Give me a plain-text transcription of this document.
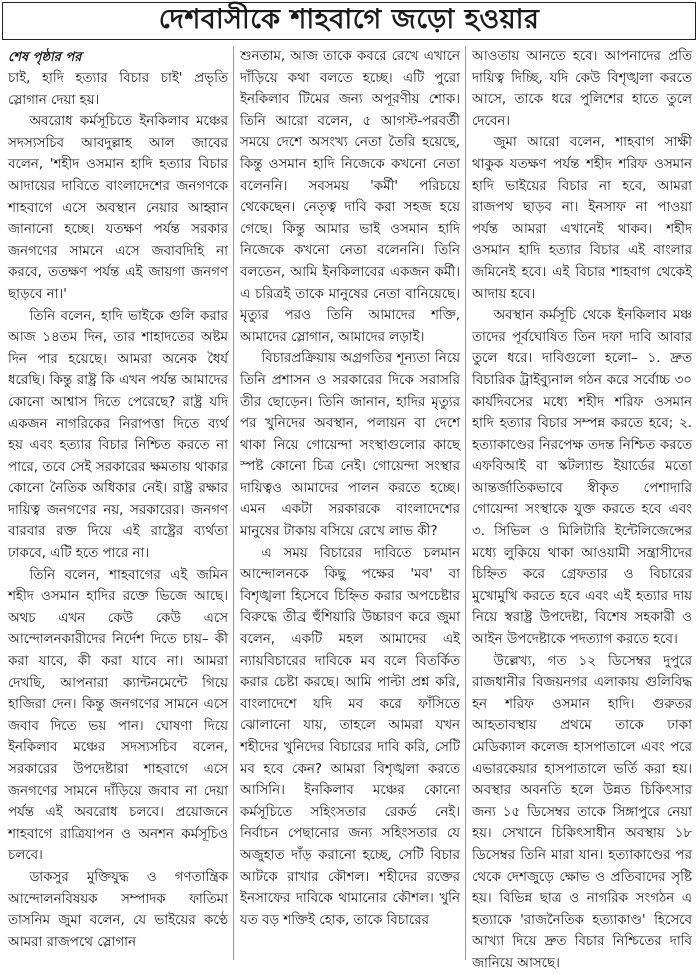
দেশবাসীকে শাহবাগে জড়ো হওয়ার
শেষ পৃষ্ঠার পর

চাই, হাদি হত্যার বিচার চাই' প্রভৃতি স্লোগান দেয়া হয়।

অবরোধ কর্মসূচিতে ইনকিলাব মঞ্চের সদস্যসচিব আবদুল্লাহ আল জাবের বলেন, 'শহীদ ওসমান হাদি হত্যার বিচার আদায়ের দাবিতে বাংলাদেশের জনগণকে শাহবাগে এসে অবস্থান নেয়ার আহ্বান জানানো হচ্ছে। যতক্ষণ পর্যন্ত সরকার জনগণের সামনে এসে জবাবদিহি না করবে, ততক্ষণ পর্যন্ত এই জায়গা জনগণ ছাড়বে না।'

তিনি বলেন, হাদি ভাইকে গুলি করার আজ ১৪তম দিন, তার শাহাদতের অষ্টম দিন পার হয়েছে। আমরা অনেক ধৈর্য ধরেছি। কিন্তু রাষ্ট্র কি এখন পর্যন্ত আমাদের কোনো আশ্বাস দিতে পেরেছে? রাষ্ট্র যদি একজন নাগরিকের নিরাপত্তা দিতে ব্যর্থ হয় এবং হত্যার বিচার নিশ্চিত করতে না পারে, তবে সেই সরকারের ক্ষমতায় থাকার কোনো নৈতিক অধিকার নেই। রাষ্ট্র রক্ষার দায়িত্ব জনগণের নয়, সরকারের। জনগণ বারবার রক্ত দিয়ে এই রাষ্ট্রের ব্যর্থতা ঢাকবে, এটি হতে পারে না।

তিনি বলেন, শাহবাগের এই জমিন শহীদ ওসমান হাদির রক্তে ভিজে আছে। অথচ এখন কেউ কেউ এসে আন্দোলনকারীদের নির্দেশ দিতে চায়– কী করা যাবে, কী করা যাবে না। আমরা দেখছি, আপনারা ক্যান্টনমেন্টে গিয়ে হাজিরা দেন। কিন্তু জনগণের সামনে এসে জবাব দিতে ভয় পান। ঘোষণা দিয়ে ইনকিলাব মঞ্চের সদস্যসচিব বলেন, সরকারের উপদেষ্টারা শাহবাগে এসে জনগণের সামনে দাঁড়িয়ে জবাব না দেয়া পর্যন্ত এই অবরোধ চলবে। প্রয়োজনে শাহবাগে রাত্রিযাপন ও অনশন কর্মসূচিও চলবে।

ডাকসুর মুক্তিযুদ্ধ ও গণতান্ত্রিক আন্দোলনবিষয়ক সম্পাদক ফাতিমা তাসনিম জুমা বলেন, যে ভাইয়ের কণ্ঠে আমরা রাজপথে স্লোগান

শুনতাম, আজ তাকে কবরে রেখে এখানে দাঁড়িয়ে কথা বলতে হচ্ছে। এটি পুরো ইনকিলাব টিমের জন্য অপূরণীয় শোক। তিনি আরো বলেন, ৫ আগস্ট-পরবর্তী সময়ে দেশে অসংখ্য নেতা তৈরি হয়েছে, কিন্তু ওসমান হাদি নিজেকে কখনো নেতা বলেননি। সবসময় 'কর্মী' পরিচয়ে থেকেছেন। নেতৃত্ব দাবি করা সহজ হয়ে গেছে। কিন্তু আমার ভাই ওসমান হাদি নিজেকে কখনো নেতা বলেননি। তিনি বলতেন, আমি ইনকিলাবের একজন কর্মী। এ চরিত্রই তাকে মানুষের নেতা বানিয়েছে। মৃত্যুর পরও তিনি আমাদের শক্তি, আমাদের স্লোগান, আমাদের লড়াই।

বিচারপ্রক্রিয়ায় অগ্রগতির শূন্যতা নিয়ে তিনি প্রশাসন ও সরকারের দিকে সরাসরি তীর ছোড়েন। তিনি জানান, হাদির মৃত্যুর পর খুনিদের অবস্থান, পলায়ন বা দেশে থাকা নিয়ে গোয়েন্দা সংস্থাগুলোর কাছে স্পষ্ট কোনো চিত্র নেই। গোয়েন্দা সংস্থার দায়িত্বও আমাদের পালন করতে হচ্ছে। এমন একটা সরকারকে বাংলাদেশের মানুষের টাকায় বসিয়ে রেখে লাভ কী?

এ সময় বিচারের দাবিতে চলমান আন্দোলনকে কিছু পক্ষের 'মব' বা বিশৃঙ্খলা হিসেবে চিহ্নিত করার অপচেষ্টার বিরুদ্ধে তীব্র হুঁশিয়ারি উচ্চারণ করে জুমা বলেন, একটি মহল আমাদের এই ন্যায়বিচারের দাবিকে মব বলে বিতর্কিত করার চেষ্টা করছে। আমি পাল্টা প্রশ্ন করি, বাংলাদেশে যদি মব করে ফাঁসিতে ঝোলানো যায়, তাহলে আমরা যখন শহীদের খুনিদের বিচারের দাবি করি, সেটি মব হবে কেন? আমরা বিশৃঙ্খলা করতে আসিনি। ইনকিলাব মঞ্চের কোনো কর্মসূচিতে সহিংসতার রেকর্ড নেই। নির্বাচন পেছানোর জন্য সহিংসতার যে অজুহাত দাঁড় করানো হচ্ছে, সেটি বিচার আটকে রাখার কৌশল। শহীদের রক্তের ইনসাফের দাবিকে থামানোর কৌশল। খুনি যত বড় শক্তিই হোক, তাকে বিচারের

আওতায় আনতে হবে। আপনাদের প্রতি দায়িত্ব দিচ্ছি, যদি কেউ বিশৃঙ্খলা করতে আসে, তাকে ধরে পুলিশের হাতে তুলে দেবেন।

জুমা আরো বলেন, শাহবাগ সাক্ষী থাকুক যতক্ষণ পর্যন্ত শহীদ শরিফ ওসমান হাদি ভাইয়ের বিচার না হবে, আমরা রাজপথ ছাড়ব না। ইনসাফ না পাওয়া পর্যন্ত আমরা এখানেই থাকব। শহীদ ওসমান হাদি হত্যার বিচার এই বাংলার জমিনেই হবে। এই বিচার শাহবাগ থেকেই আদায় হবে।

অবস্থান কর্মসূচি থেকে ইনকিলাব মঞ্চ তাদের পূর্বঘোষিত তিন দফা দাবি আবার তুলে ধরে। দাবিগুলো হলো– ১. দ্রুত বিচারিক ট্রাইব্যুনাল গঠন করে সর্বোচ্চ ৩০ কার্যদিবসের মধ্যে শহীদ শরিফ ওসমান হাদি হত্যার বিচার সম্পন্ন করতে হবে; ২. হত্যাকাণ্ডের নিরপেক্ষ তদন্ত নিশ্চিত করতে এফবিআই বা স্কটল্যান্ড ইয়ার্ডের মতো আন্তর্জাতিকভাবে স্বীকৃত পেশাদারি গোয়েন্দা সংস্থাকে যুক্ত করতে হবে এবং ৩. সিভিল ও মিলিটারি ইন্টেলিজেন্সের মধ্যে লুকিয়ে থাকা আওয়ামী সন্ত্রাসীদের চিহ্নিত করে গ্রেফতার ও বিচারের মুখোমুখি করতে হবে এবং এই হত্যার দায় নিয়ে স্বরাষ্ট্র উপদেষ্টা, বিশেষ সহকারী ও আইন উপদেষ্টাকে পদত্যাগ করতে হবে।

উল্লেখ্য, গত ১২ ডিসেম্বর দুপুরে রাজধানীর বিজয়নগর এলাকায় গুলিবিদ্ধ হন শরিফ ওসমান হাদি। গুরুতর আহতাবস্থায় প্রথমে তাকে ঢাকা মেডিক্যাল কলেজ হাসপাতালে এবং পরে এভারকেয়ার হাসপাতালে ভর্তি করা হয়। অবস্থার অবনতি হলে উন্নত চিকিৎসার জন্য ১৫ ডিসেম্বর তাকে সিঙ্গাপুরে নেয়া হয়। সেখানে চিকিৎসাধীন অবস্থায় ১৮ ডিসেম্বর তিনি মারা যান। হত্যাকাণ্ডের পর থেকে দেশজুড়ে ক্ষোভ ও প্রতিবাদের সৃষ্টি হয়। বিভিন্ন ছাত্র ও নাগরিক সংগঠন এ হত্যাকে 'রাজনৈতিক হত্যাকাণ্ড' হিসেবে আখ্যা দিয়ে দ্রুত বিচার নিশ্চিতের দাবি জানিয়ে আসছে।
